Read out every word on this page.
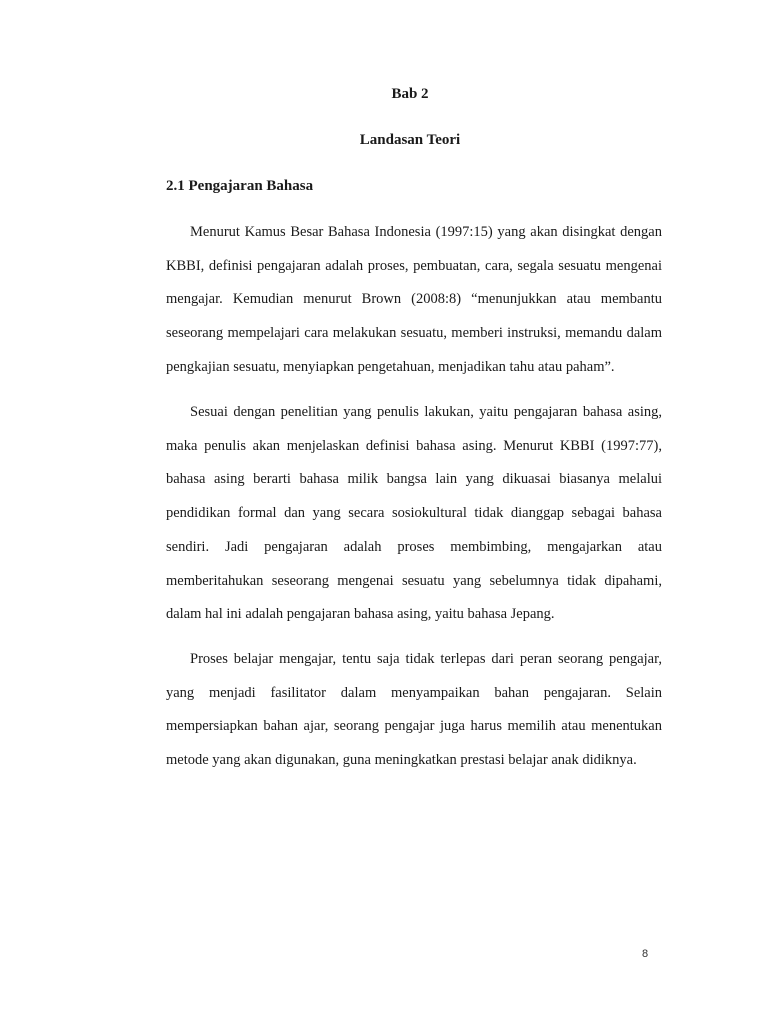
Bab 2
Landasan Teori
2.1 Pengajaran Bahasa

Menurut Kamus Besar Bahasa Indonesia (1997:15) yang akan disingkat dengan KBBI, definisi pengajaran adalah proses, pembuatan, cara, segala sesuatu mengenai mengajar. Kemudian menurut Brown (2008:8) “menunjukkan atau membantu seseorang mempelajari cara melakukan sesuatu, memberi instruksi, memandu dalam pengkajian sesuatu, menyiapkan pengetahuan, menjadikan tahu atau paham”.

Sesuai dengan penelitian yang penulis lakukan, yaitu pengajaran bahasa asing, maka penulis akan menjelaskan definisi bahasa asing. Menurut KBBI (1997:77), bahasa asing berarti bahasa milik bangsa lain yang dikuasai biasanya melalui pendidikan formal dan yang secara sosiokultural tidak dianggap sebagai bahasa sendiri. Jadi pengajaran adalah proses membimbing, mengajarkan atau memberitahukan seseorang mengenai sesuatu yang sebelumnya tidak dipahami, dalam hal ini adalah pengajaran bahasa asing, yaitu bahasa Jepang.

Proses belajar mengajar, tentu saja tidak terlepas dari peran seorang pengajar, yang menjadi fasilitator dalam menyampaikan bahan pengajaran. Selain mempersiapkan bahan ajar, seorang pengajar juga harus memilih atau menentukan metode yang akan digunakan, guna meningkatkan prestasi belajar anak didiknya.

8
